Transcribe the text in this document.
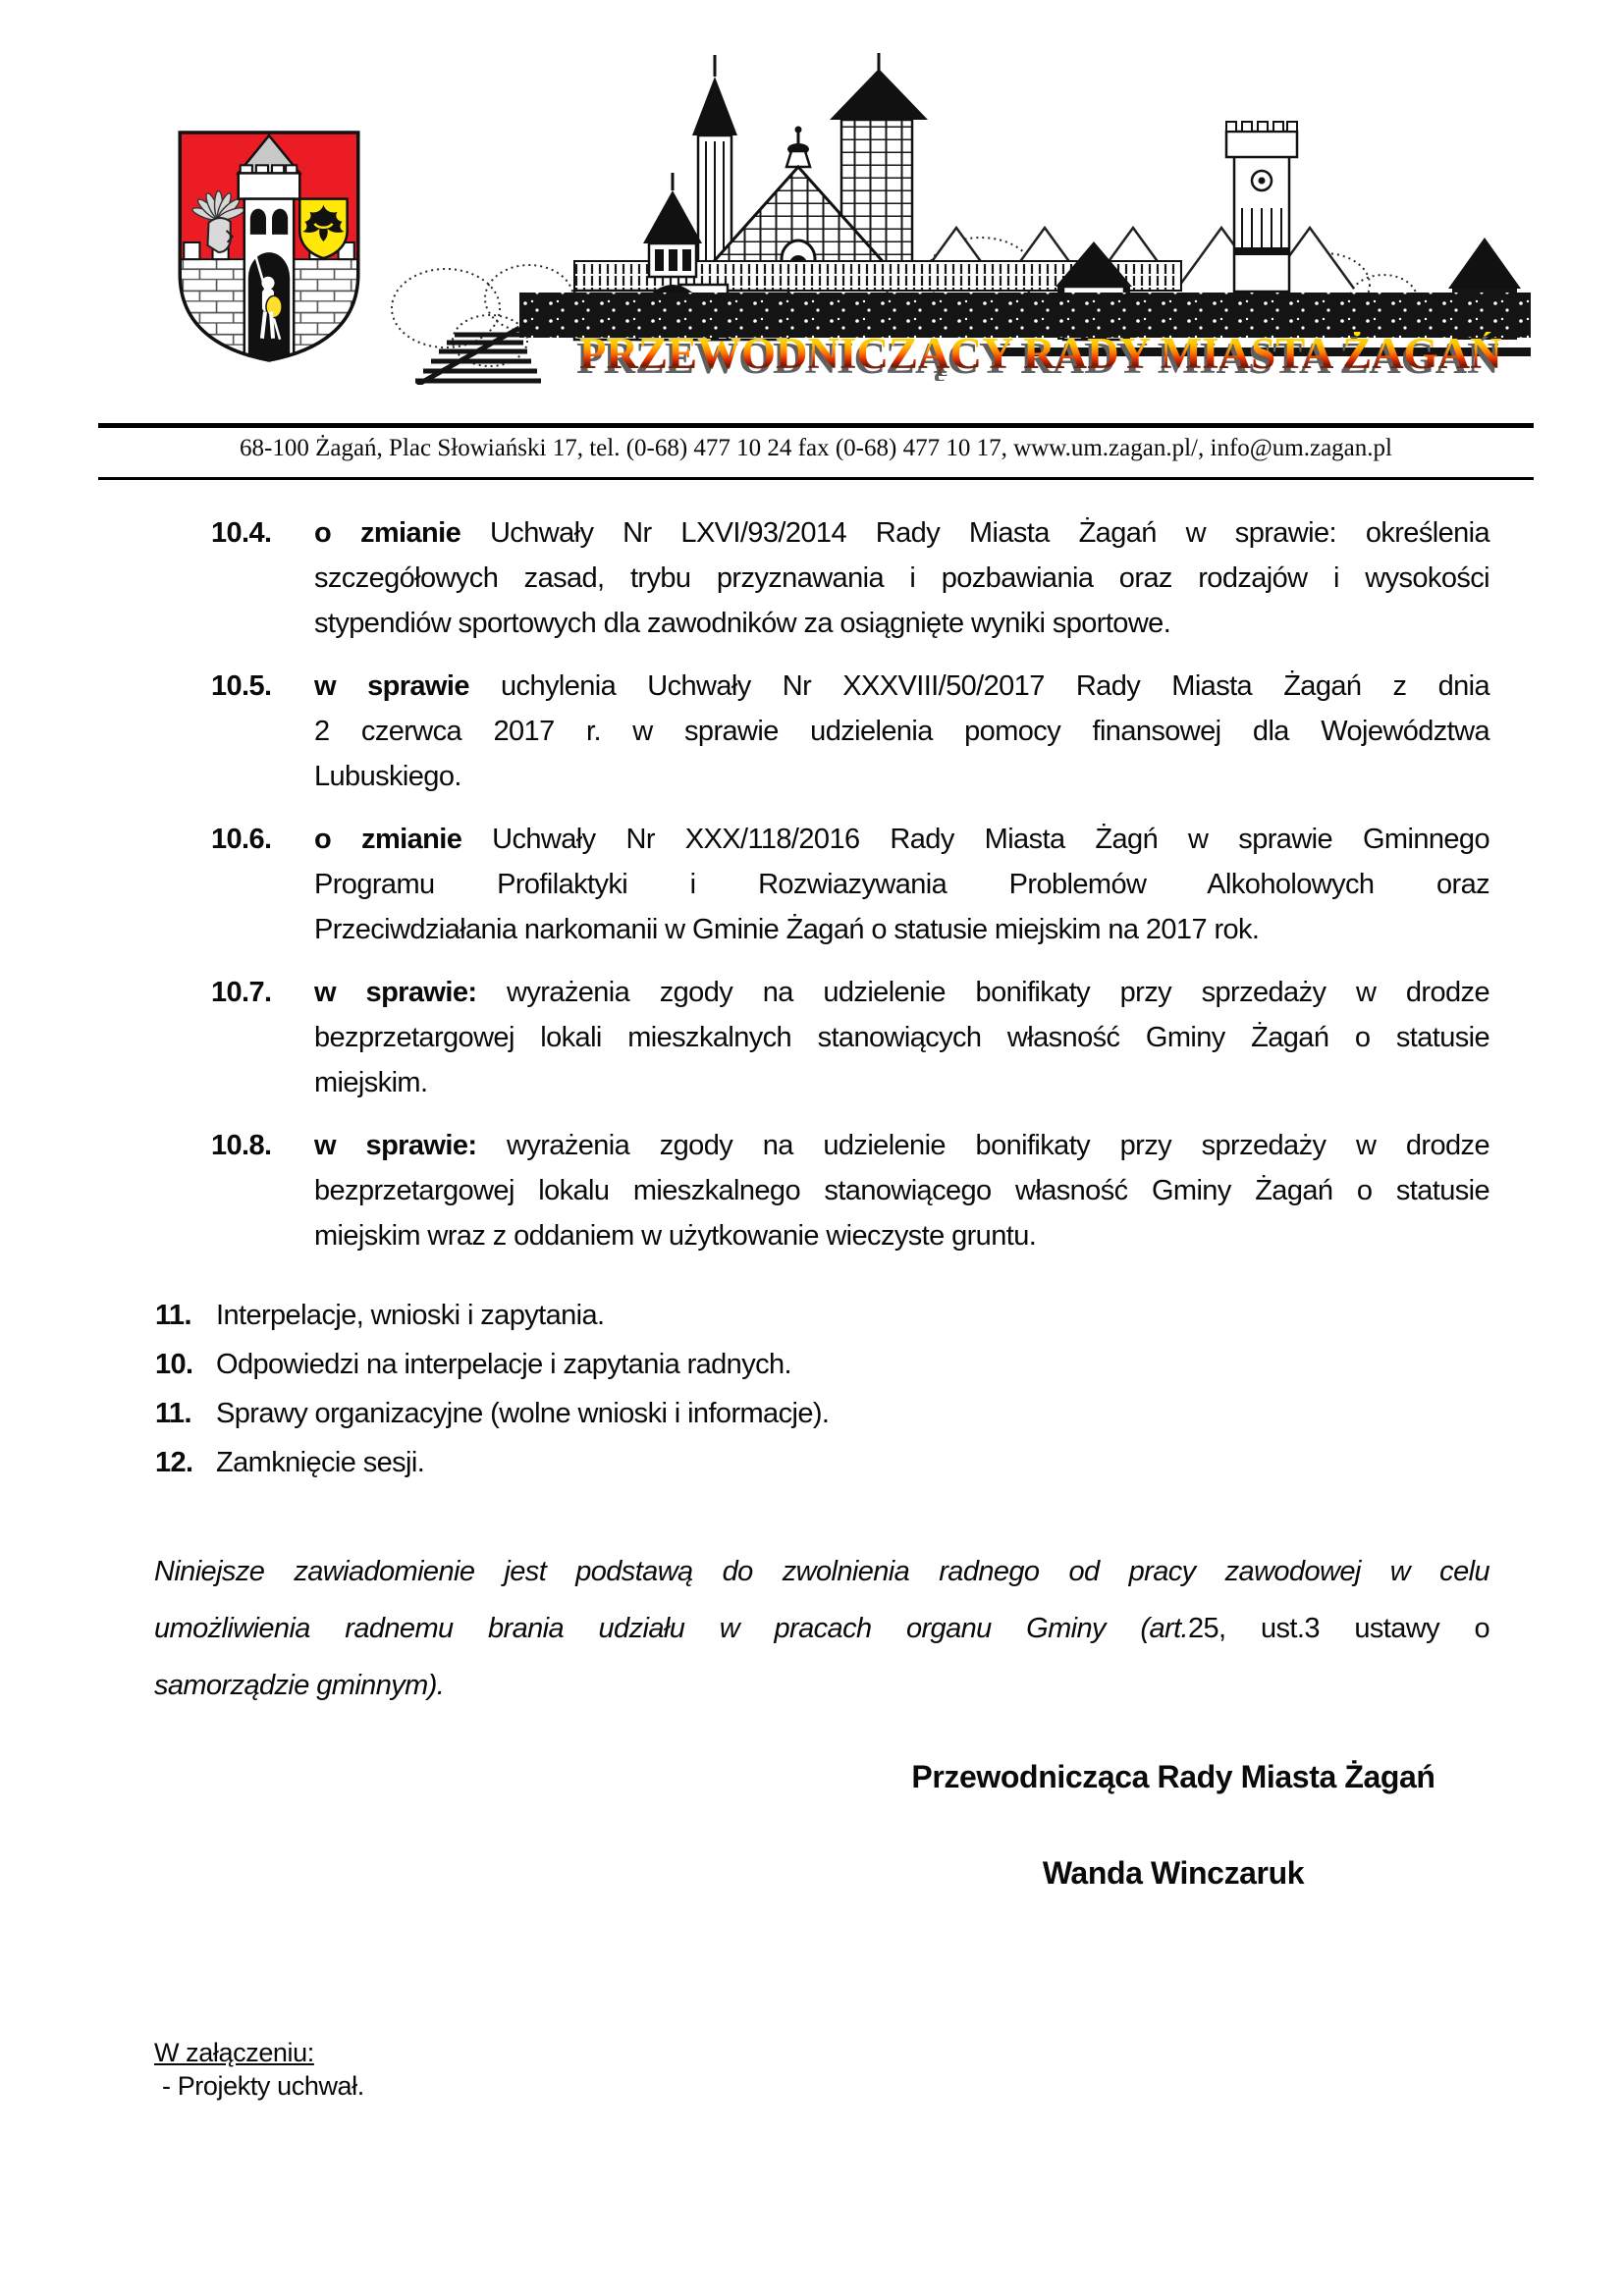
PRZEWODNICZĄCY RADY MIASTA ŻAGAŃ
68-100 Żagań, Plac Słowiański 17, tel. (0-68) 477 10 24 fax (0-68) 477 10 17, www.um.zagan.pl/, info@um.zagan.pl
10.4.	o zmianie Uchwały Nr LXVI/93/2014 Rady Miasta Żagań w sprawie: określenia
szczegółowych zasad, trybu przyznawania i pozbawiania oraz rodzajów i wysokości
stypendiów sportowych dla zawodników za osiągnięte wyniki sportowe.
10.5.	w sprawie uchylenia Uchwały Nr XXXVIII/50/2017 Rady Miasta Żagań z dnia
2 czerwca 2017 r. w sprawie udzielenia pomocy finansowej dla Województwa
Lubuskiego.
10.6.	o zmianie Uchwały Nr XXX/118/2016 Rady Miasta Żagń w sprawie Gminnego
Programu Profilaktyki i Rozwiazywania Problemów Alkoholowych oraz
Przeciwdziałania narkomanii w Gminie Żagań o statusie miejskim na 2017 rok.
10.7.	w sprawie: wyrażenia zgody na udzielenie bonifikaty przy sprzedaży w drodze
bezprzetargowej lokali mieszkalnych stanowiących własność Gminy Żagań o statusie
miejskim.
10.8.	w sprawie: wyrażenia zgody na udzielenie bonifikaty przy sprzedaży w drodze
bezprzetargowej lokalu mieszkalnego stanowiącego własność Gminy Żagań o statusie
miejskim wraz z oddaniem w użytkowanie wieczyste gruntu.
11. Interpelacje, wnioski i zapytania.
10. Odpowiedzi na interpelacje i zapytania radnych.
11. Sprawy organizacyjne (wolne wnioski i informacje).
12. Zamknięcie sesji.
Niniejsze zawiadomienie jest podstawą do zwolnienia radnego od pracy zawodowej w celu
umożliwienia radnemu brania udziału w pracach organu Gminy (art.25, ust.3 ustawy o
samorządzie gminnym).
Przewodnicząca Rady Miasta Żagań
Wanda Winczaruk
W załączeniu:
- Projekty uchwał.
